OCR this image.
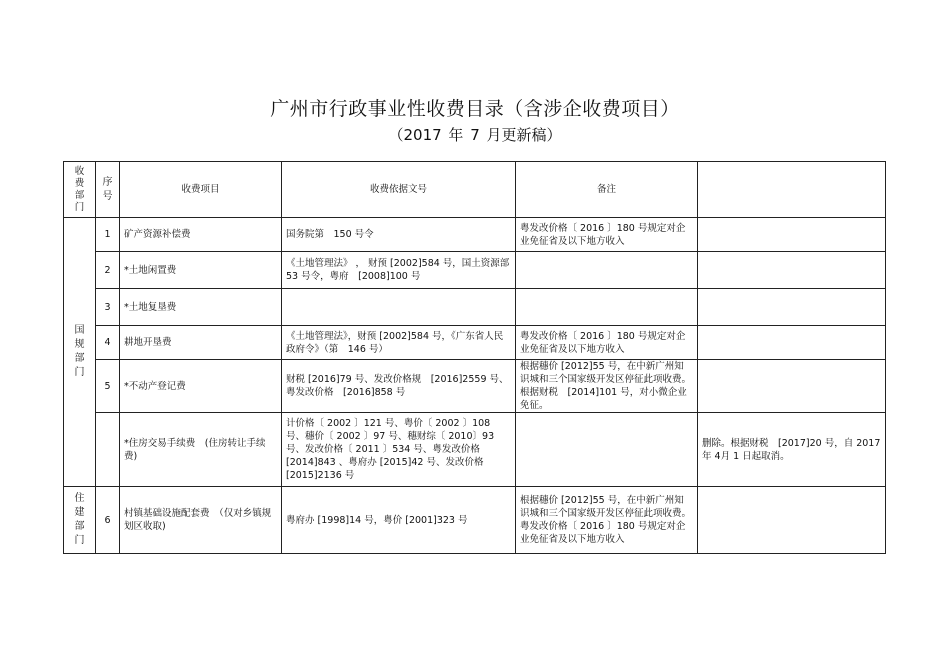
广州市行政事业性收费目录（含涉企收费项目）
（2017 年 7 月更新稿）
收费部门	序号	收费项目	收费依据文号	备注	
国规部门	1	矿产资源补偿费	国务院第　150 号令	粤发改价格〔 2016 〕180 号规定对企业免征省及以下地方收入	
	2	*土地闲置费	《土地管理法》 ， 财预 [2002]584 号，国土资源部　53 号令，粤府　[2008]100 号		
	3	*土地复垦费			
	4	耕地开垦费	《土地管理法》，财预 [2002]584 号，《广东省人民政府令》（第　146 号）	粤发改价格〔 2016 〕180 号规定对企业免征省及以下地方收入	
	5	*不动产登记费	财税 [2016]79 号、发改价格规　[2016]2559 号、粤发改价格　[2016]858 号	根据穗价 [2012]55 号，在中新广州知识城和三个国家级开发区停征此项收费。根据财税　[2014]101 号，对小微企业免征。	
		*住房交易手续费　(住房转让手续费)	计价格〔 2002 〕121 号、粤价〔 2002 〕108 号、穗价〔 2002 〕97 号、穗财综〔 2010〕93 号、发改价格〔 2011 〕534 号、粤发改价格 [2014]843 、粤府办 [2015]42 号、发改价格 [2015]2136 号		删除。根据财税　[2017]20 号，自 2017 年 4月 1 日起取消。
住建部门	6	村镇基础设施配套费　（仅对乡镇规划区收取)	粤府办 [1998]14 号，粤价 [2001]323 号	根据穗价 [2012]55 号，在中新广州知识城和三个国家级开发区停征此项收费。粤发改价格〔 2016 〕180 号规定对企业免征省及以下地方收入	
